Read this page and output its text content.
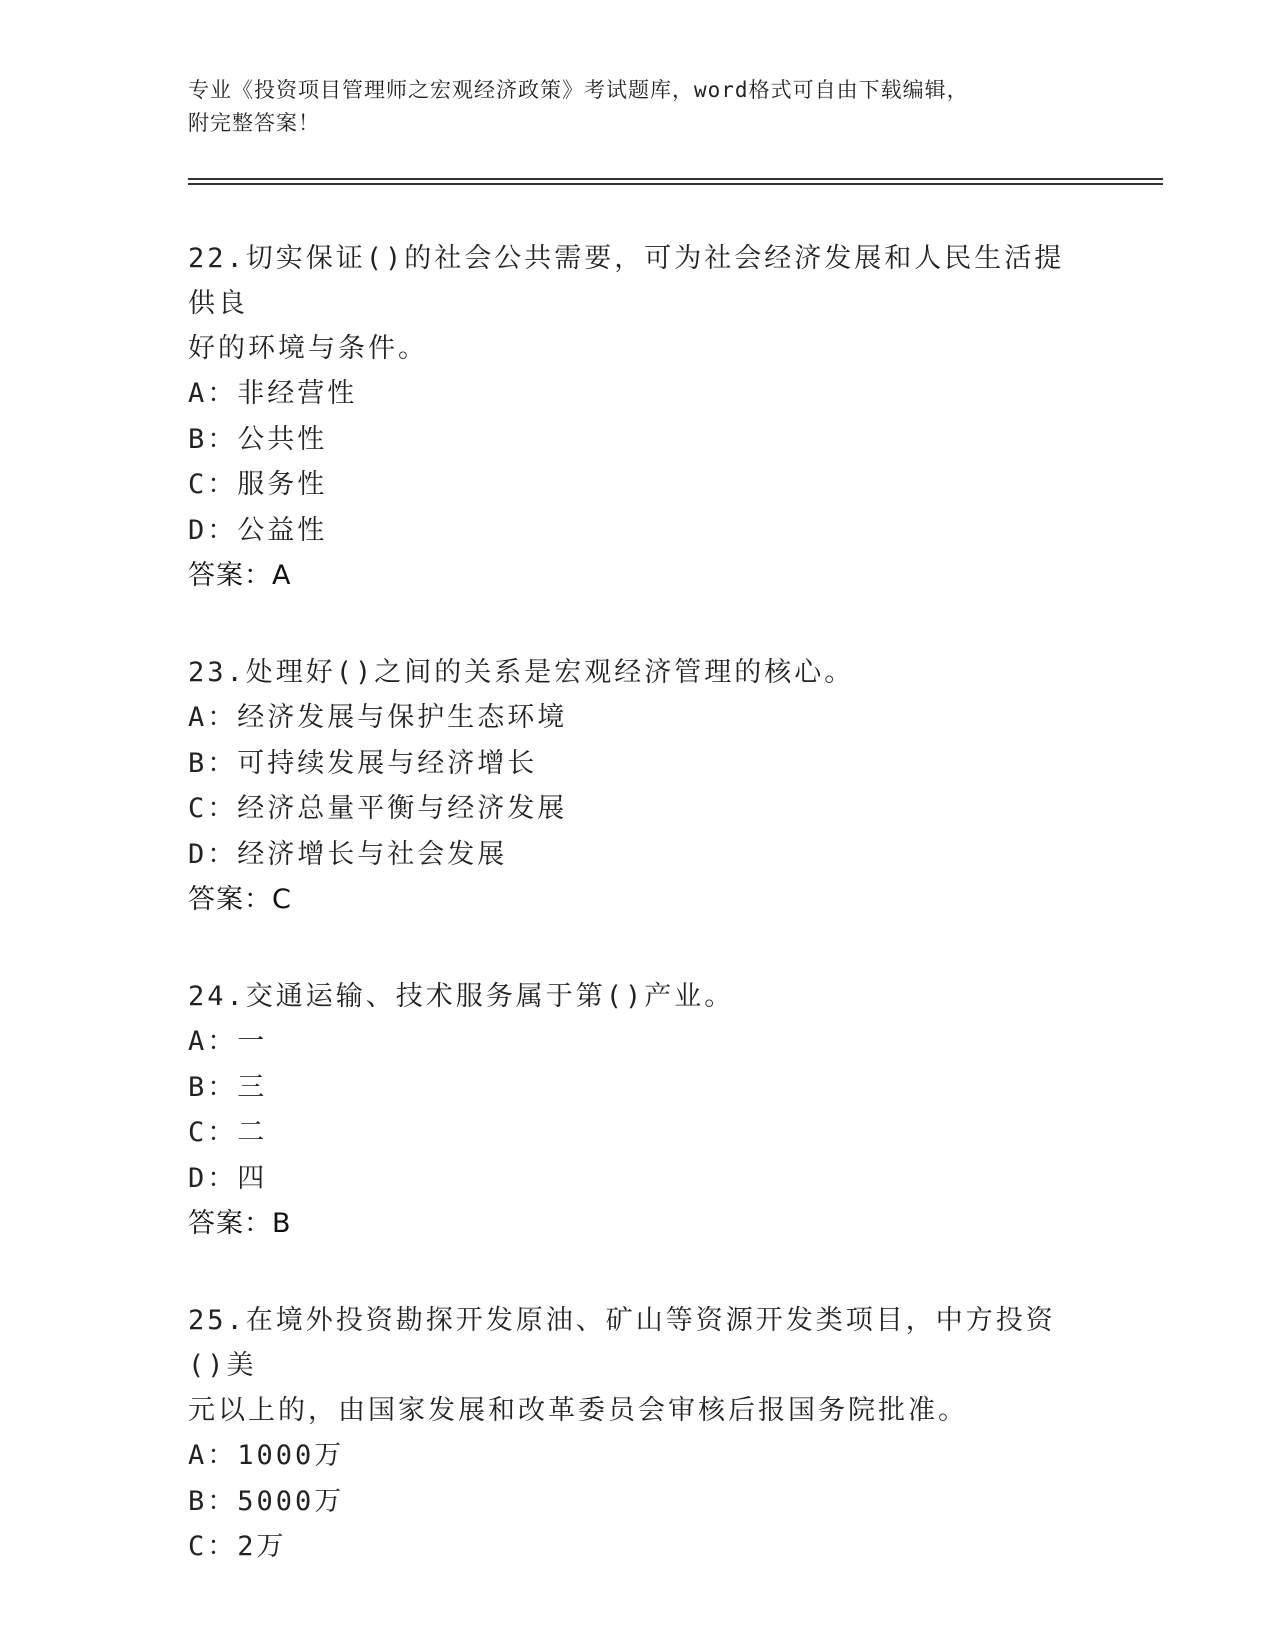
专业《投资项目管理师之宏观经济政策》考试题库，word格式可自由下载编辑，
附完整答案！
22.切实保证()的社会公共需要，可为社会经济发展和人民生活提供良
好的环境与条件。
A：非经营性
B：公共性
C：服务性
D：公益性
答案：A
23.处理好()之间的关系是宏观经济管理的核心。
A：经济发展与保护生态环境
B：可持续发展与经济增长
C：经济总量平衡与经济发展
D：经济增长与社会发展
答案：C
24.交通运输、技术服务属于第()产业。
A：一
B：三
C：二
D：四
答案：B
25.在境外投资勘探开发原油、矿山等资源开发类项目，中方投资()美
元以上的，由国家发展和改革委员会审核后报国务院批准。
A：1000万
B：5000万
C：2万
